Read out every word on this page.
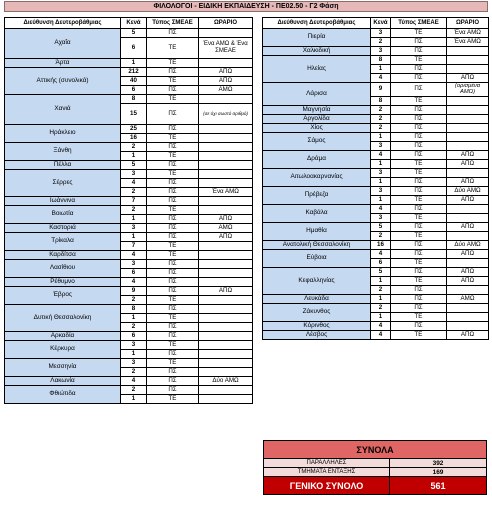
ΦΙΛΟΛΟΓΟΙ - ΕΙΔΙΚΗ ΕΚΠΑΙΔΕΥΣΗ - ΠΕ02.50 - Γ2 Φάση
Διεύθυνση Δευτεροβάθμιας	Κενά	Τύπος ΣΜΕΑΕ	ΩΡΑΡΙΟ
Αχαΐα	5	ΠΣ	
	6	ΤΕ	Ένα ΑΜΩ & Ένα ΣΜΕΑΕ
Άρτα	1	ΤΕ	
Αττικής (συνολικά)	212	ΠΣ	ΑΠΩ
	40	ΤΕ	ΑΠΩ
	6	ΠΣ	ΑΜΩ
Χανιά	8	ΤΕ	
	15	ΠΣ	(σε όχι σωστό αριθμό)
Ηράκλειο	25	ΠΣ	
	16	ΤΕ	
Ξάνθη	2	ΠΣ	
	1	ΤΕ	
Πέλλα	5	ΠΣ	
Σέρρες	3	ΤΕ	
	4	ΠΣ	
	2	ΠΣ	Ένα ΑΜΩ
Ιωάννινα	7	ΠΣ	
Βοιωτία	2	ΤΕ	
	1	ΠΣ	ΑΠΩ
Καστοριά	3	ΠΣ	ΑΜΩ
Τρίκαλα	1	ΠΣ	ΑΠΩ
	7	ΤΕ	
Καρδίτσα	4	ΤΕ	
Λασίθιου	3	ΠΣ	
	6	ΠΣ	
Ρέθυμνο	4	ΠΣ	
Έβρος	9	ΠΣ	ΑΠΩ
	2	ΤΕ	
Δυτική Θεσσαλονίκη	8	ΠΣ	
	1	ΤΕ	
	2	ΠΣ	
Αρκαδία	6	ΠΣ	
Κέρκυρα	3	ΤΕ	
	1	ΠΣ	
Μεσσηνία	3	ΤΕ	
	2	ΠΣ	
Λακωνία	4	ΠΣ	Δύο ΑΜΩ
Φθιώτιδα	2	ΠΣ	
	1	ΤΕ	
Διεύθυνση Δευτεροβάθμιας	Κενά	Τύπος ΣΜΕΑΕ	ΩΡΑΡΙΟ
Πιερία	3	ΤΕ	Ένα ΑΜΩ
	2	ΠΣ	Ένα ΑΜΩ
Χαλκιδική	3	ΠΣ	
Ηλείας	8	ΤΕ	
	1	ΠΣ	
	4	ΠΣ	ΑΠΩ
Λάρισα	9	ΠΣ	(ορισμένα ΑΜΩ)
	8	ΤΕ	
Μαγνησία	2	ΠΣ	
Αργολίδα	2	ΠΣ	
Χίος	2	ΠΣ	
Σάμος	1	ΠΣ	
	3	ΠΣ	
Δράμα	4	ΠΣ	ΑΠΩ
	1	ΤΕ	ΑΠΩ
Αιτωλοακαρνανίας	3	ΤΕ	
	1	ΠΣ	ΑΠΩ
Πρέβεζα	3	ΠΣ	Δύο ΑΜΩ
	1	ΤΕ	ΑΠΩ
Καβάλα	4	ΠΣ	
	3	ΤΕ	
Ημαθία	5	ΠΣ	ΑΠΩ
	2	ΤΕ	
Ανατολική Θεσσαλονίκη	16	ΠΣ	Δύο ΑΜΩ
Εύβοια	4	ΠΣ	ΑΠΩ
	6	ΤΕ	
Κεφαλληνίας	5	ΠΣ	ΑΠΩ
	1	ΤΕ	ΑΠΩ
	2	ΠΣ	
Λευκάδα	1	ΠΣ	ΑΜΩ
Ζάκυνθος	2	ΠΣ	
	1	ΤΕ	
Κόρινθος	4	ΠΣ	
Λέσβος	4	ΤΕ	ΑΠΩ
ΣΥΝΟΛΑ	
ΠΑΡΑΛΛΗΛΕΣ	392
ΤΜΗΜΑΤΑ ΕΝΤΑΞΗΣ	169
ΓΕΝΙΚΟ ΣΥΝΟΛΟ	561
